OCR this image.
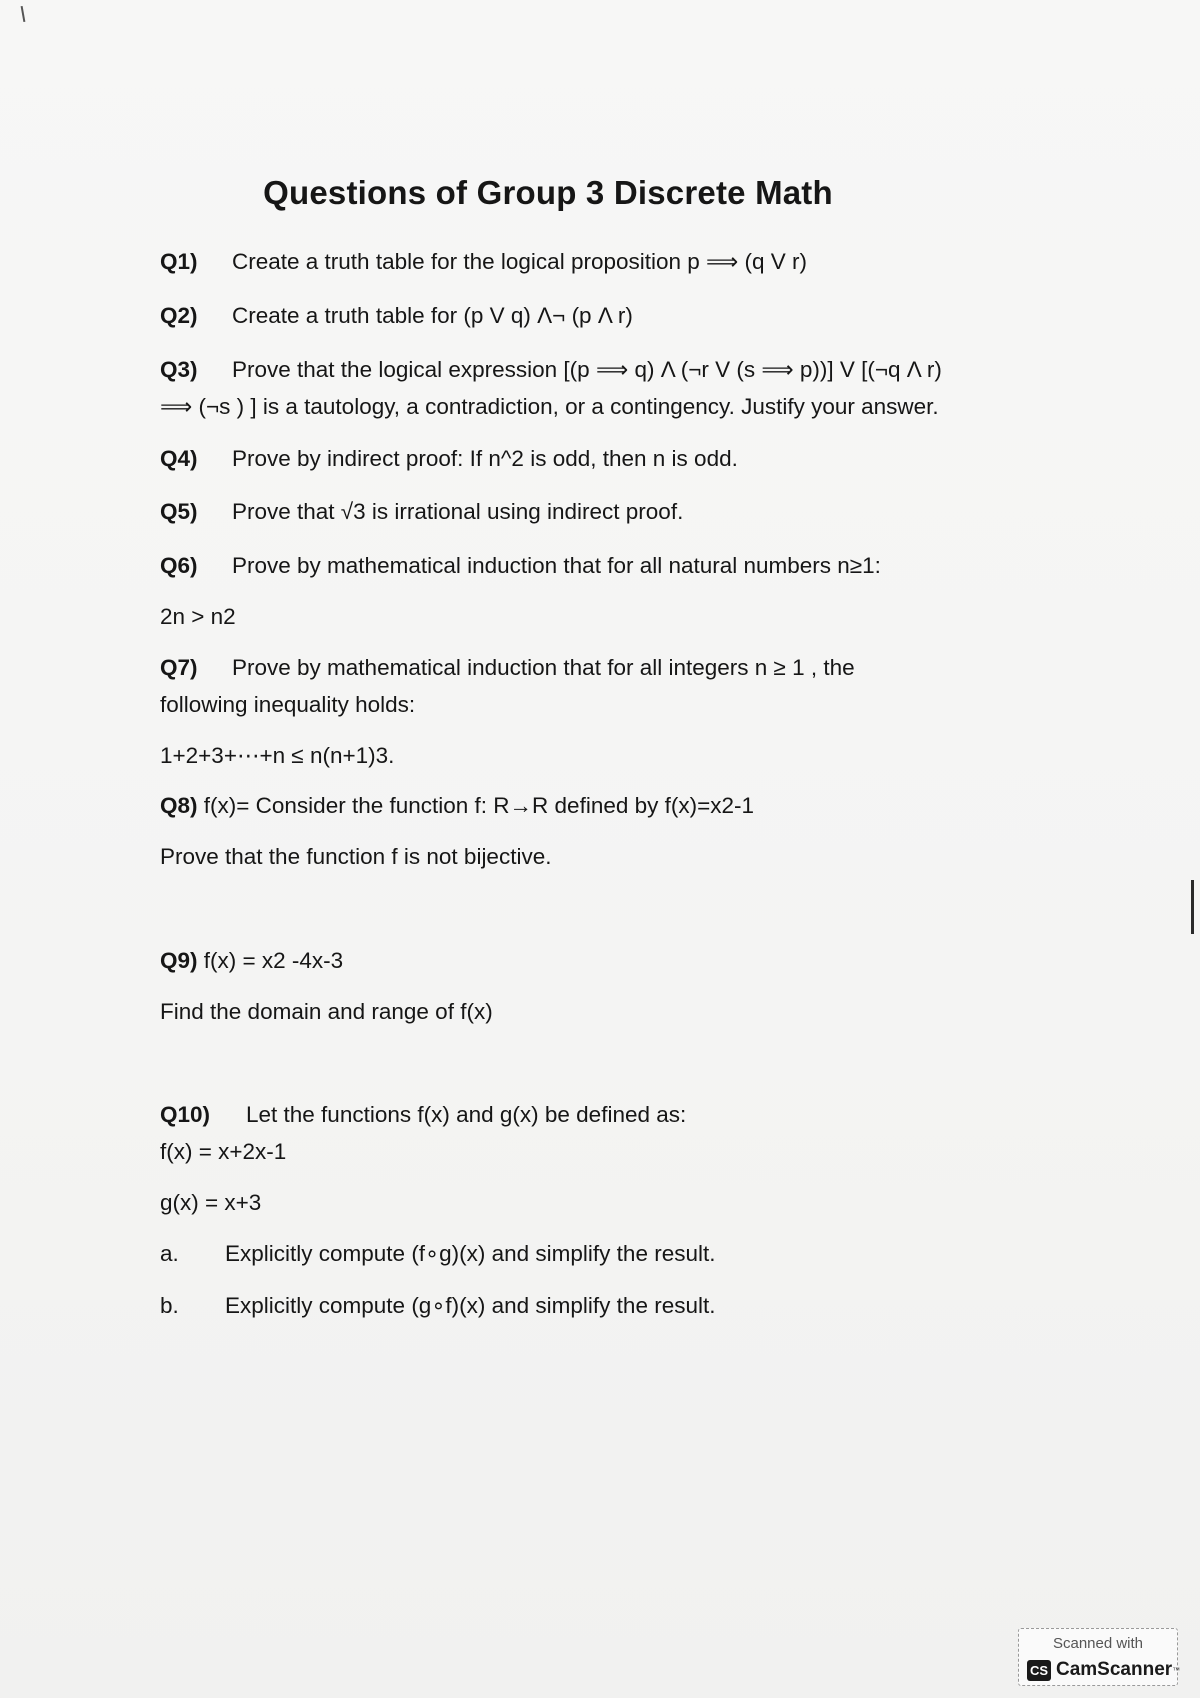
Questions of Group 3 Discrete Math
Q1) Create a truth table for the logical proposition p ⟹ (q V r)
Q2) Create a truth table for (p V q) Λ¬ (p Λ r)
Q3) Prove that the logical expression [(p ⟹ q) Λ (¬r V (s ⟹ p))] V [(¬q Λ r)
⟹ (¬s ) ] is a tautology, a contradiction, or a contingency. Justify your answer.
Q4) Prove by indirect proof: If n^2 is odd, then n is odd.
Q5) Prove that √3 is irrational using indirect proof.
Q6) Prove by mathematical induction that for all natural numbers n≥1:
2n > n2
Q7) Prove by mathematical induction that for all integers n ≥ 1 , the
following inequality holds:
1+2+3+⋯+n ≤ n(n+1)3.
Q8) f(x)= Consider the function f: R→R defined by f(x)=x2-1
Prove that the function f is not bijective.
Q9) f(x) = x2 -4x-3
Find the domain and range of f(x)
Q10) Let the functions f(x) and g(x) be defined as:
f(x) = x+2x-1
g(x) = x+3
a. Explicitly compute (f∘g)(x) and simplify the result.
b. Explicitly compute (g∘f)(x) and simplify the result.
Scanned with
CS CamScanner ™
